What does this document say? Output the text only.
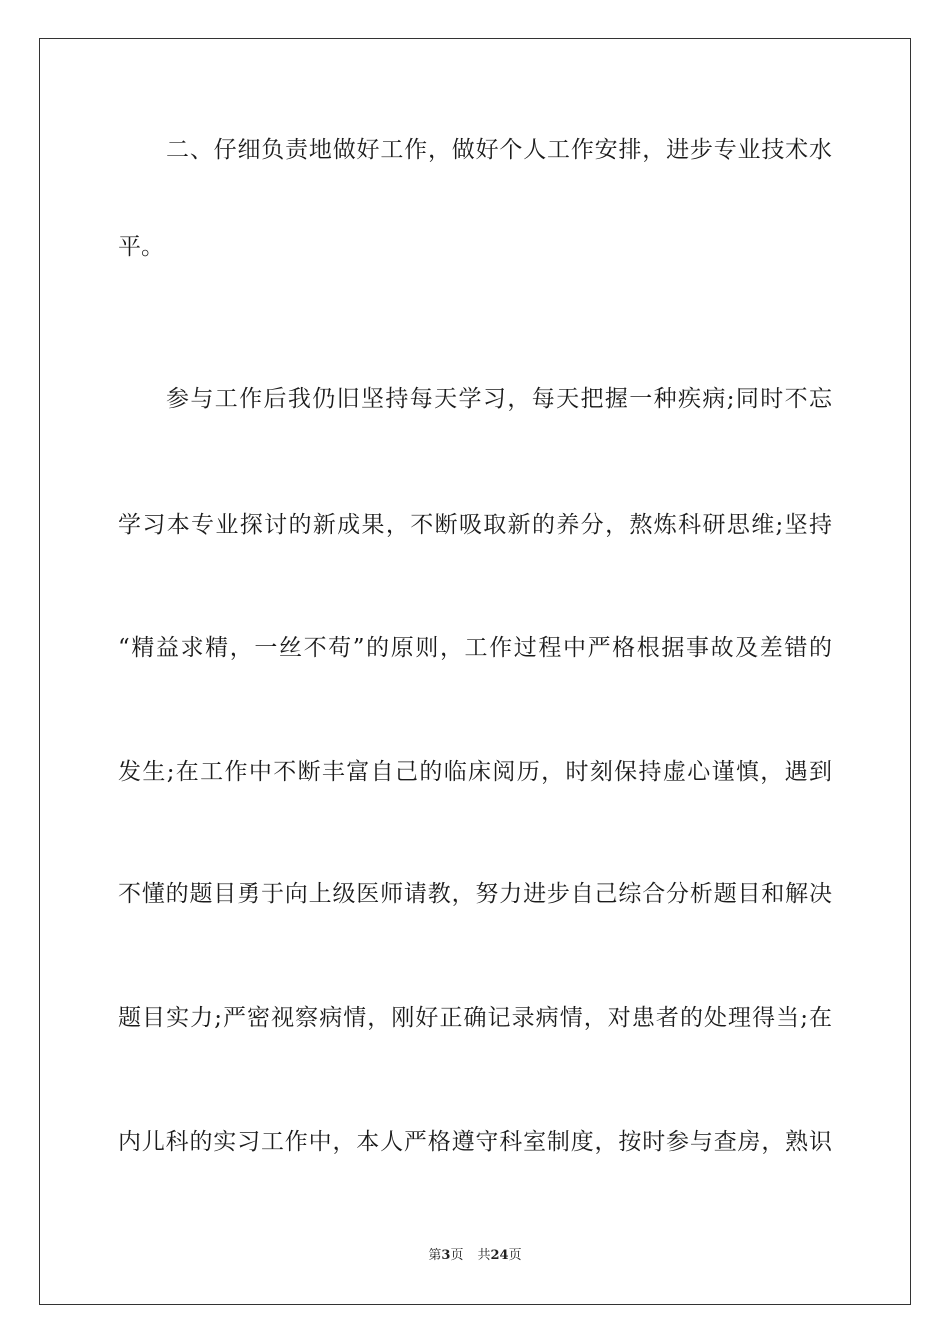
二、仔细负责地做好工作，做好个人工作安排，进步专业技术水
平。
参与工作后我仍旧坚持每天学习，每天把握一种疾病;同时不忘
学习本专业探讨的新成果，不断吸取新的养分，熬炼科研思维;坚持
“精益求精，一丝不苟”的原则，工作过程中严格根据事故及差错的
发生;在工作中不断丰富自己的临床阅历，时刻保持虚心谨慎，遇到
不懂的题目勇于向上级医师请教，努力进步自己综合分析题目和解决
题目实力;严密视察病情，刚好正确记录病情，对患者的处理得当;在
内儿科的实习工作中，本人严格遵守科室制度，按时参与查房，熟识
第3页 共24页
